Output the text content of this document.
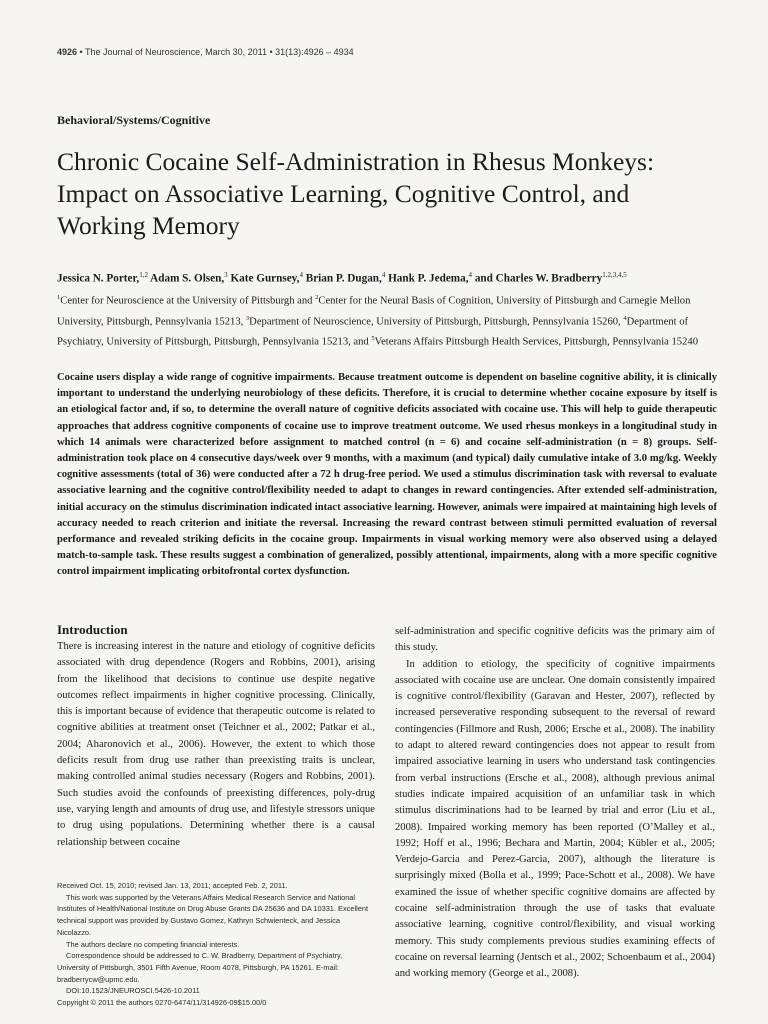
4926 • The Journal of Neuroscience, March 30, 2011 • 31(13):4926 – 4934
Behavioral/Systems/Cognitive
Chronic Cocaine Self-Administration in Rhesus Monkeys: Impact on Associative Learning, Cognitive Control, and Working Memory

Jessica N. Porter,$^{1,2}$ Adam S. Olsen,$^3$ Kate Gurnsey,$^4$ Brian P. Dugan,$^4$ Hank P. Jedema,$^4$ and Charles W. Bradberry$^{1,2,3,4,5}$

$^1$Center for Neuroscience at the University of Pittsburgh and $^2$Center for the Neural Basis of Cognition, University of Pittsburgh and Carnegie Mellon University, Pittsburgh, Pennsylvania 15213, $^3$Department of Neuroscience, University of Pittsburgh, Pittsburgh, Pennsylvania 15260, $^4$Department of Psychiatry, University of Pittsburgh, Pittsburgh, Pennsylvania 15213, and $^5$Veterans Affairs Pittsburgh Health Services, Pittsburgh, Pennsylvania 15240

Cocaine users display a wide range of cognitive impairments. Because treatment outcome is dependent on baseline cognitive ability, it is clinically important to understand the underlying neurobiology of these deficits. Therefore, it is crucial to determine whether cocaine exposure by itself is an etiological factor and, if so, to determine the overall nature of cognitive deficits associated with cocaine use. This will help to guide therapeutic approaches that address cognitive components of cocaine use to improve treatment outcome. We used rhesus monkeys in a longitudinal study in which 14 animals were characterized before assignment to matched control (n = 6) and cocaine self-administration (n = 8) groups. Self-administration took place on 4 consecutive days/week over 9 months, with a maximum (and typical) daily cumulative intake of 3.0 mg/kg. Weekly cognitive assessments (total of 36) were conducted after a 72 h drug-free period. We used a stimulus discrimination task with reversal to evaluate associative learning and the cognitive control/flexibility needed to adapt to changes in reward contingencies. After extended self-administration, initial accuracy on the stimulus discrimination indicated intact associative learning. However, animals were impaired at maintaining high levels of accuracy needed to reach criterion and initiate the reversal. Increasing the reward contrast between stimuli permitted evaluation of reversal performance and revealed striking deficits in the cocaine group. Impairments in visual working memory were also observed using a delayed match-to-sample task. These results suggest a combination of generalized, possibly attentional, impairments, along with a more specific cognitive control impairment implicating orbitofrontal cortex dysfunction.

Introduction

There is increasing interest in the nature and etiology of cognitive deficits associated with drug dependence (Rogers and Robbins, 2001), arising from the likelihood that decisions to continue use despite negative outcomes reflect impairments in higher cognitive processing. Clinically, this is important because of evidence that therapeutic outcome is related to cognitive abilities at treatment onset (Teichner et al., 2002; Patkar et al., 2004; Aharonovich et al., 2006). However, the extent to which those deficits result from drug use rather than preexisting traits is unclear, making controlled animal studies necessary (Rogers and Robbins, 2001). Such studies avoid the confounds of preexisting differences, poly-drug use, varying length and amounts of drug use, and lifestyle stressors unique to drug using populations. Determining whether there is a causal relationship between cocaine

Received Oct. 15, 2010; revised Jan. 13, 2011; accepted Feb. 2, 2011.

This work was supported by the Veterans Affairs Medical Research Service and National Institutes of Health/National Institute on Drug Abuse Grants DA 25636 and DA 10331. Excellent technical support was provided by Gustavo Gomez, Kathryn Schwienteck, and Jessica Nicolazzo.

The authors declare no competing financial interests.

Correspondence should be addressed to C. W. Bradberry, Department of Psychiatry, University of Pittsburgh, 3501 Fifth Avenue, Room 4078, Pittsburgh, PA 15261. E-mail: bradberrycw@upmc.edu.

DOI:10.1523/JNEUROSCI.5426-10.2011

Copyright © 2011 the authors 0270-6474/11/314926-09$15.00/0

self-administration and specific cognitive deficits was the primary aim of this study.

In addition to etiology, the specificity of cognitive impairments associated with cocaine use are unclear. One domain consistently impaired is cognitive control/flexibility (Garavan and Hester, 2007), reflected by increased perseverative responding subsequent to the reversal of reward contingencies (Fillmore and Rush, 2006; Ersche et al., 2008). The inability to adapt to altered reward contingencies does not appear to result from impaired associative learning in users who understand task contingencies from verbal instructions (Ersche et al., 2008), although previous animal studies indicate impaired acquisition of an unfamiliar task in which stimulus discriminations had to be learned by trial and error (Liu et al., 2008). Impaired working memory has been reported (O’Malley et al., 1992; Hoff et al., 1996; Bechara and Martin, 2004; Kübler et al., 2005; Verdejo-Garcia and Perez-Garcia, 2007), although the literature is surprisingly mixed (Bolla et al., 1999; Pace-Schott et al., 2008). We have examined the issue of whether specific cognitive domains are affected by cocaine self-administration through the use of tasks that evaluate associative learning, cognitive control/flexibility, and visual working memory. This study complements previous studies examining effects of cocaine on reversal learning (Jentsch et al., 2002; Schoenbaum et al., 2004) and working memory (George et al., 2008).
